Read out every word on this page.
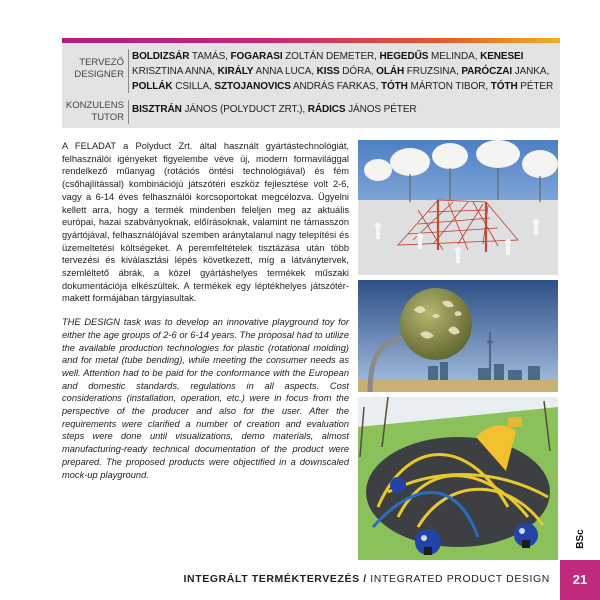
TERVEZŐ
DESIGNER
BOLDIZSÁR TAMÁS, FOGARASI ZOLTÁN DEMETER, HEGEDŰS MELINDA, KENESEI KRISZTINA ANNA, KIRÁLY ANNA LUCA, KISS DÓRA, OLÁH FRUZSINA, PARÓCZAI JANKA, POLLÁK CSILLA, SZTOJANOVICS ANDRÁS FARKAS, TÓTH MÁRTON TIBOR, TÓTH PÉTER
KONZULENS
TUTOR
BISZTRÁN JÁNOS (POLYDUCT ZRT.), RÁDICS JÁNOS PÉTER

A FELADAT a Polyduct Zrt. által használt gyártástechnológiát, felhasználói igényeket figyelembe véve új, modern formavilággal rendelkező műanyag (rotációs öntési technológiával) és fém (csőhajlítással) kombinációjú játszótéri eszköz fejlesztése volt 2-6, vagy a 6-14 éves felhasználói korcsoportokat megcélozva. Ügyelni kellett arra, hogy a termék mindenben feleljen meg az aktuális európai, hazai szabványoknak, előírásoknak, valamint ne támasszon gyártójával, felhasználójával szemben aránytalanul nagy telepítési és üzemeltetési költségeket. A peremfeltételek tisztázása után több tervezési és kiválasztási lépés következett, míg a látványtervek, szemléltető ábrák, a közel gyártáshelyes termékek műszaki dokumentációja elkészültek. A termékek egy léptékhelyes játszótér-makett formájában tárgyiasultak.

THE DESIGN task was to develop an innovative playground toy for either the age groups of 2-6 or 6-14 years. The proposal had to utilize the available production technologies for plastic (rotational molding) and for metal (tube bending), while meeting the consumer needs as well. Attention had to be paid for the conformance with the European and domestic standards, regulations in all aspects. Cost considerations (installation, operation, etc.) were in focus from the perspective of the producer and also for the user. After the requirements were clarified a number of creation and evaluation steps were done until visualizations, demo materials, almost manufacturing-ready technical documentation of the product were prepared. The proposed products were objectified in a downscaled mock-up playground.

BSc
INTEGRÁLT TERMÉKTERVEZÉS / INTEGRATED PRODUCT DESIGN	21
